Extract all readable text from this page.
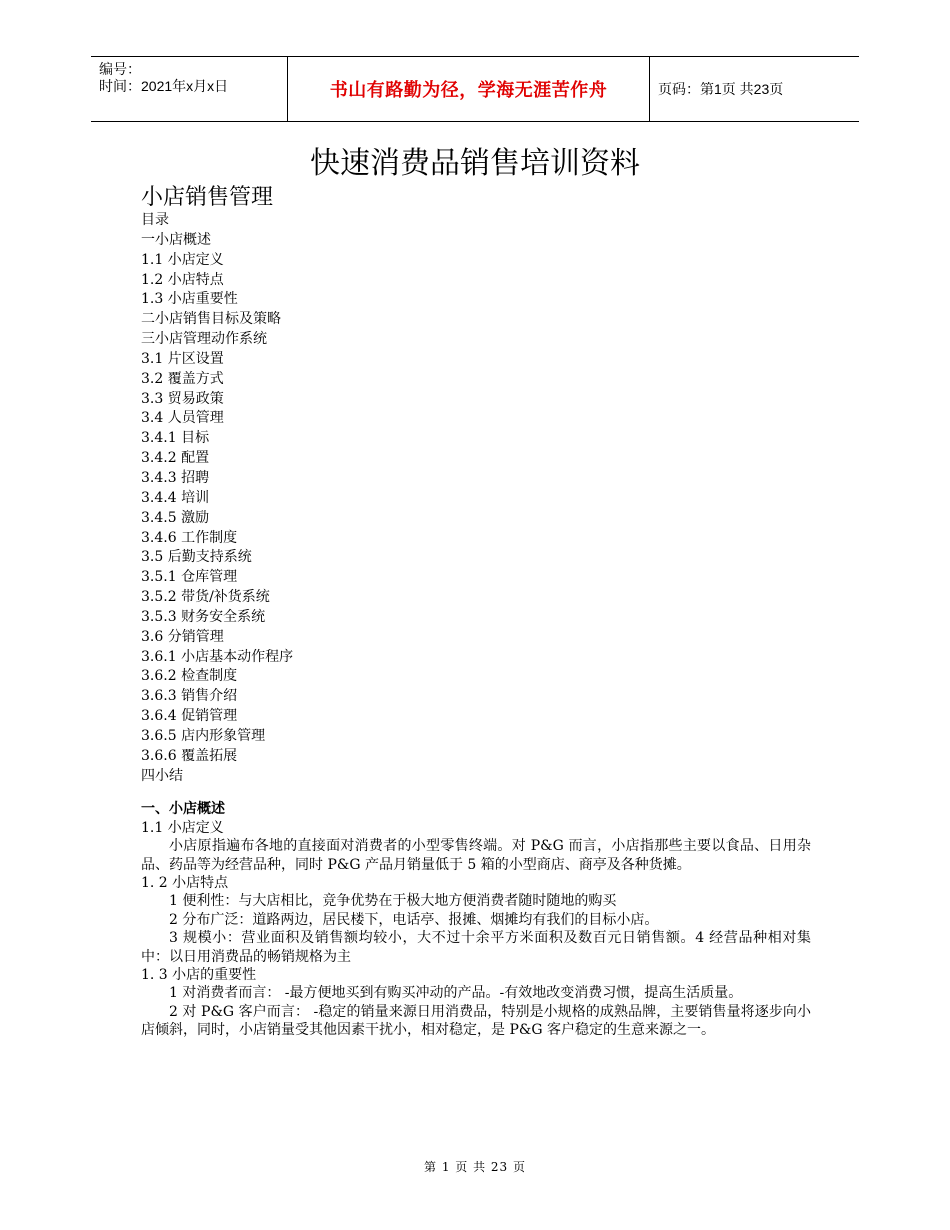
编号：
时间：2021年x月x日	书山有路勤为径，学海无涯苦作舟	页码：第1页 共23页
快速消费品销售培训资料
小店销售管理
目录
一小店概述
1.1 小店定义
1.2 小店特点
1.3 小店重要性
二小店销售目标及策略
三小店管理动作系统
3.1 片区设置
3.2 覆盖方式
3.3 贸易政策
3.4 人员管理
3.4.1 目标
3.4.2 配置
3.4.3 招聘
3.4.4 培训
3.4.5 激励
3.4.6 工作制度
3.5 后勤支持系统
3.5.1 仓库管理
3.5.2 带货/补货系统
3.5.3 财务安全系统
3.6 分销管理
3.6.1 小店基本动作程序
3.6.2 检查制度
3.6.3 销售介绍
3.6.4 促销管理
3.6.5 店内形象管理
3.6.6 覆盖拓展
四小结

一、小店概述

1.1 小店定义

小店原指遍布各地的直接面对消费者的小型零售终端。对 P&G 而言，小店指那些主要以食品、日用杂品、药品等为经营品种，同时 P&G 产品月销量低于 5 箱的小型商店、商亭及各种货摊。

1. 2 小店特点

1 便利性：与大店相比，竞争优势在于极大地方便消费者随时随地的购买

2 分布广泛：道路两边，居民楼下，电话亭、报摊、烟摊均有我们的目标小店。

3 规模小：营业面积及销售额均较小，大不过十余平方米面积及数百元日销售额。4 经营品种相对集中：以日用消费品的畅销规格为主

1. 3 小店的重要性

1 对消费者而言： -最方便地买到有购买冲动的产品。-有效地改变消费习惯，提高生活质量。

2 对 P&G 客户而言： -稳定的销量来源日用消费品，特别是小规格的成熟品牌，主要销售量将逐步向小店倾斜，同时，小店销量受其他因素干扰小，相对稳定，是 P&G 客户稳定的生意来源之一。

第 1 页 共 23 页
